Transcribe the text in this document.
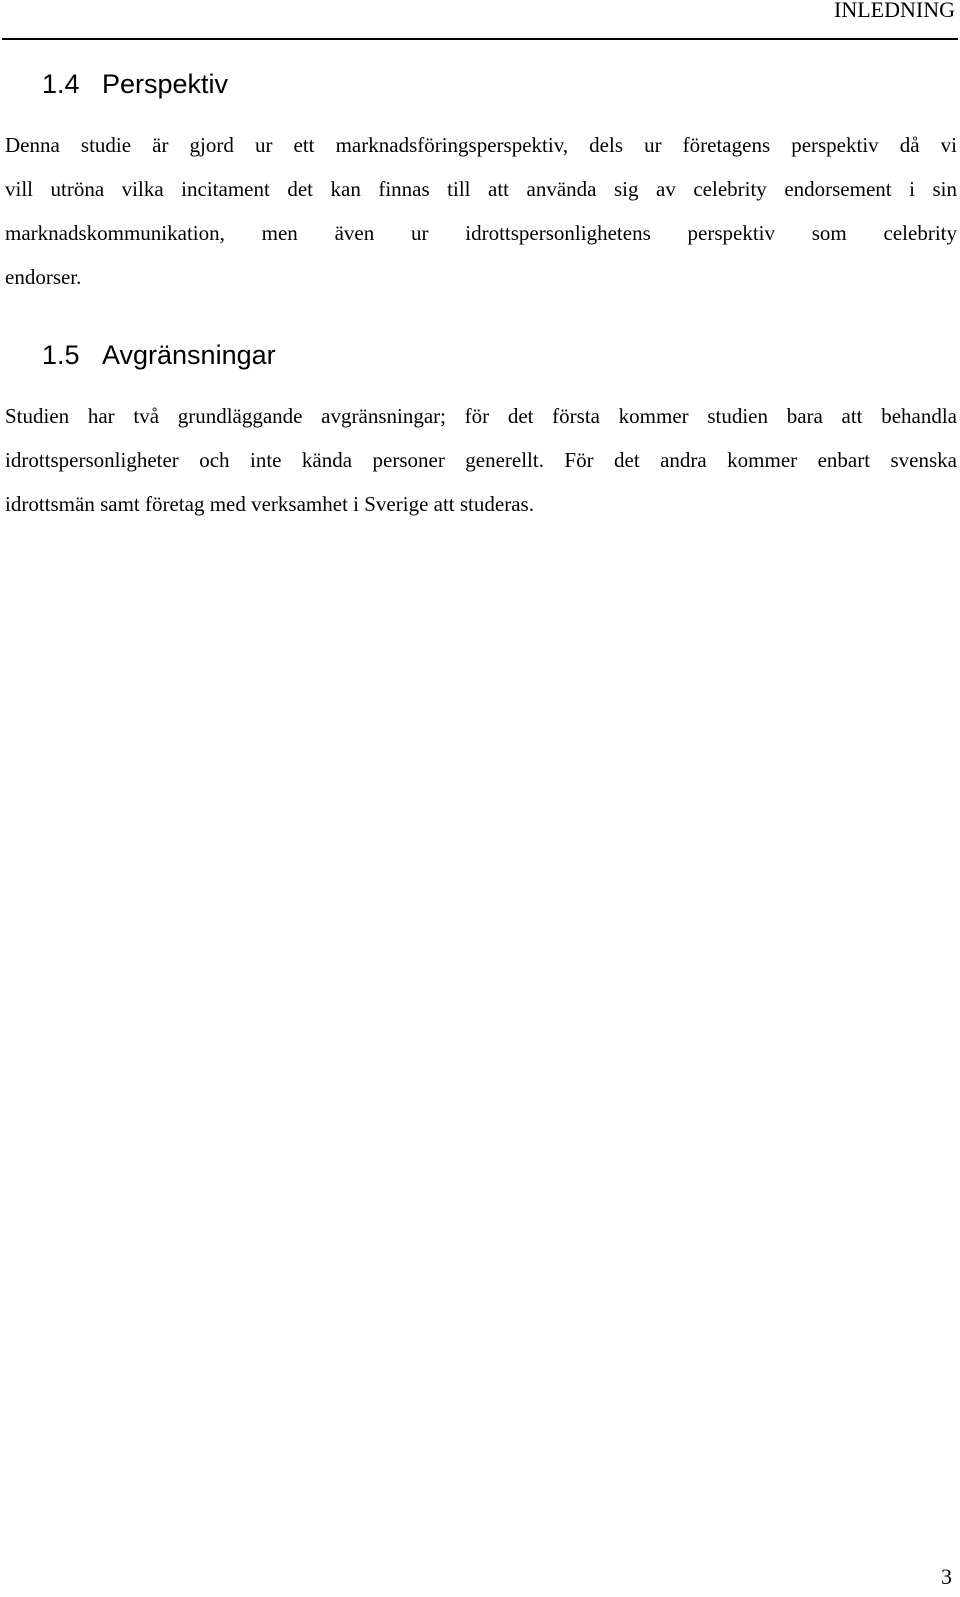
INLEDNING
1.4 Perspektiv

Denna studie är gjord ur ett marknadsföringsperspektiv, dels ur företagens perspektiv då vi
vill utröna vilka incitament det kan finnas till att använda sig av celebrity endorsement i sin
marknadskommunikation, men även ur idrottspersonlighetens perspektiv som celebrity
endorser.

1.5 Avgränsningar

Studien har två grundläggande avgränsningar; för det första kommer studien bara att behandla
idrottspersonligheter och inte kända personer generellt. För det andra kommer enbart svenska
idrottsmän samt företag med verksamhet i Sverige att studeras.

3
